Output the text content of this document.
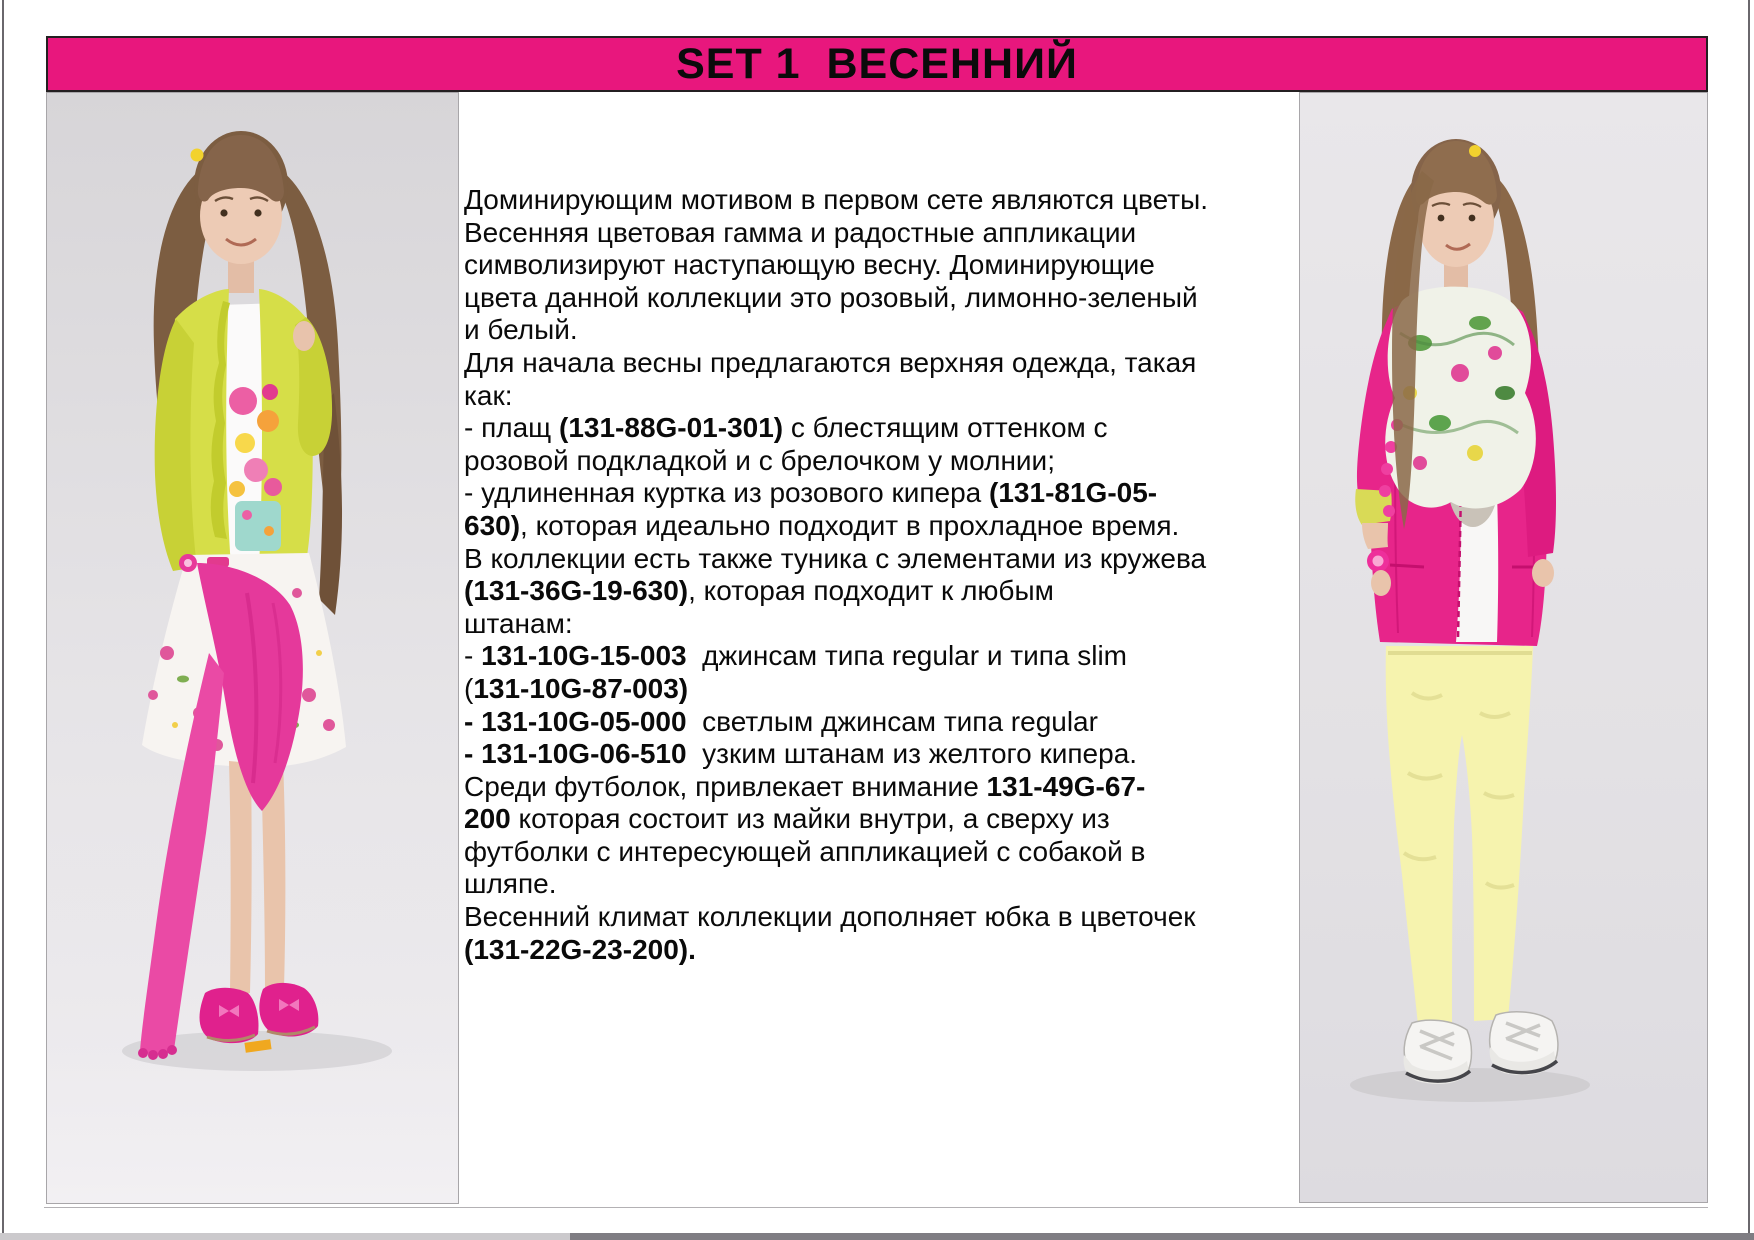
SET 1  ВЕСЕННИЙ
Доминирующим мотивом в первом сете являются цветы.
Весенняя цветовая гамма и радостные аппликации
символизируют наступающую весну. Доминирующие
цвета данной коллекции это розовый, лимонно-зеленый
и белый.
Для начала весны предлагаются верхняя одежда, такая
как:
- плащ (131-88G-01-301) с блестящим оттенком с
розовой подкладкой и с брелочком у молнии;
- удлиненная куртка из розового кипера (131-81G-05-
630), которая идеально подходит в прохладное время.
В коллекции есть также туника с элементами из кружева
(131-36G-19-630), которая подходит к любым
штанам:
- 131-10G-15-003  джинсам типа regular и типа slim
(131-10G-87-003)
- 131-10G-05-000  светлым джинсам типа regular
- 131-10G-06-510  узким штанам из желтого кипера.
Среди футболок, привлекает внимание 131-49G-67-
200 которая состоит из майки внутри, а сверху из
футболки с интересующей аппликацией с собакой в
шляпе.
Весенний климат коллекции дополняет юбка в цветочек
(131-22G-23-200).
